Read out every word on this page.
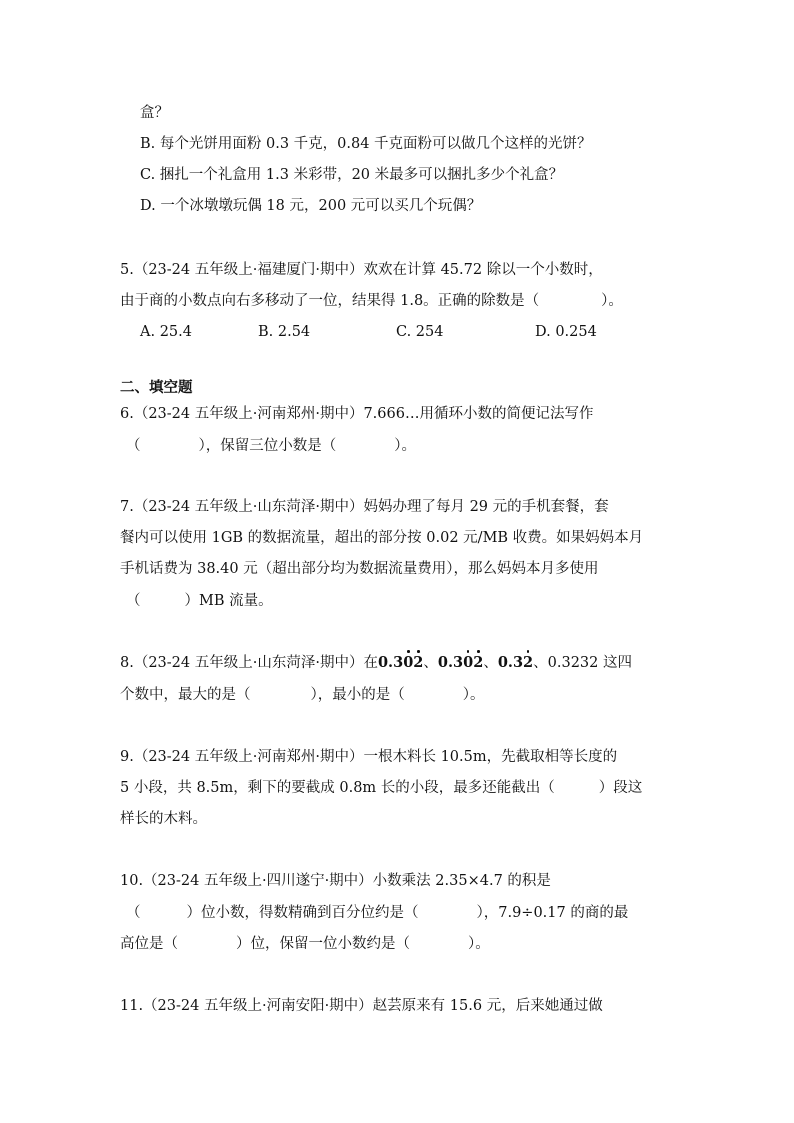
盒？
B. 每个光饼用面粉 0.3 千克，0.84 千克面粉可以做几个这样的光饼？
C. 捆扎一个礼盒用 1.3 米彩带，20 米最多可以捆扎多少个礼盒？
D. 一个冰墩墩玩偶 18 元，200 元可以买几个玩偶？
5.（23-24 五年级上·福建厦门·期中）欢欢在计算 45.72 除以一个小数时，
由于商的小数点向右多移动了一位，结果得 1.8。正确的除数是（	）。
A. 25.4	B. 2.54	C. 254	D. 0.254
二、填空题
6.（23-24 五年级上·河南郑州·期中）7.666…用循环小数的简便记法写作
（	），保留三位小数是（	）。
7.（23-24 五年级上·山东菏泽·期中）妈妈办理了每月 29 元的手机套餐，套
餐内可以使用 1GB 的数据流量，超出的部分按 0.02 元/MB 收费。如果妈妈本月
手机话费为 38.40 元（超出部分均为数据流量费用），那么妈妈本月多使用
（	）MB 流量。
8.（23-24 五年级上·山东菏泽·期中）在0.302、0.302、0.32、0.3232 这四
个数中，最大的是（	），最小的是（	）。
9.（23-24 五年级上·河南郑州·期中）一根木料长 10.5m，先截取相等长度的
5 小段，共 8.5m，剩下的要截成 0.8m 长的小段，最多还能截出（	）段这
样长的木料。
10.（23-24 五年级上·四川遂宁·期中）小数乘法 2.35×4.7 的积是
（	）位小数，得数精确到百分位约是（	），7.9÷0.17 的商的最
高位是（	）位，保留一位小数约是（	）。
11.（23-24 五年级上·河南安阳·期中）赵芸原来有 15.6 元，后来她通过做
